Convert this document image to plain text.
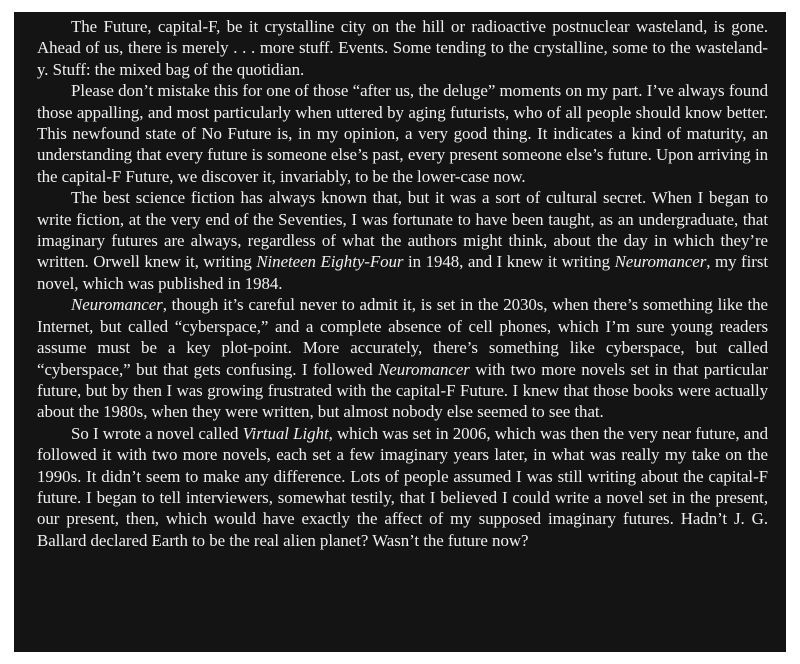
The Future, capital-F, be it crystalline city on the hill or radioactive postnuclear wasteland, is gone. Ahead of us, there is merely . . . more stuff. Events. Some tending to the crystalline, some to the wasteland-y. Stuff: the mixed bag of the quotidian.

Please don’t mistake this for one of those “after us, the deluge” moments on my part. I’ve always found those appalling, and most particularly when uttered by aging futurists, who of all people should know better. This newfound state of No Future is, in my opinion, a very good thing. It indicates a kind of maturity, an understanding that every future is someone else’s past, every present someone else’s future. Upon arriving in the capital-F Future, we discover it, invariably, to be the lower-case now.

The best science fiction has always known that, but it was a sort of cultural secret. When I began to write fiction, at the very end of the Seventies, I was fortunate to have been taught, as an undergraduate, that imaginary futures are always, regardless of what the authors might think, about the day in which they’re written. Orwell knew it, writing Nineteen Eighty-Four in 1948, and I knew it writing Neuromancer, my first novel, which was published in 1984.

Neuromancer, though it’s careful never to admit it, is set in the 2030s, when there’s something like the Internet, but called “cyberspace,” and a complete absence of cell phones, which I’m sure young readers assume must be a key plot-point. More accurately, there’s something like cyberspace, but called “cyberspace,” but that gets confusing. I followed Neuromancer with two more novels set in that particular future, but by then I was growing frustrated with the capital-F Future. I knew that those books were actually about the 1980s, when they were written, but almost nobody else seemed to see that.

So I wrote a novel called Virtual Light, which was set in 2006, which was then the very near future, and followed it with two more novels, each set a few imaginary years later, in what was really my take on the 1990s. It didn’t seem to make any difference. Lots of people assumed I was still writing about the capital-F future. I began to tell interviewers, somewhat testily, that I believed I could write a novel set in the present, our present, then, which would have exactly the affect of my supposed imaginary futures. Hadn’t J. G. Ballard declared Earth to be the real alien planet? Wasn’t the future now?
